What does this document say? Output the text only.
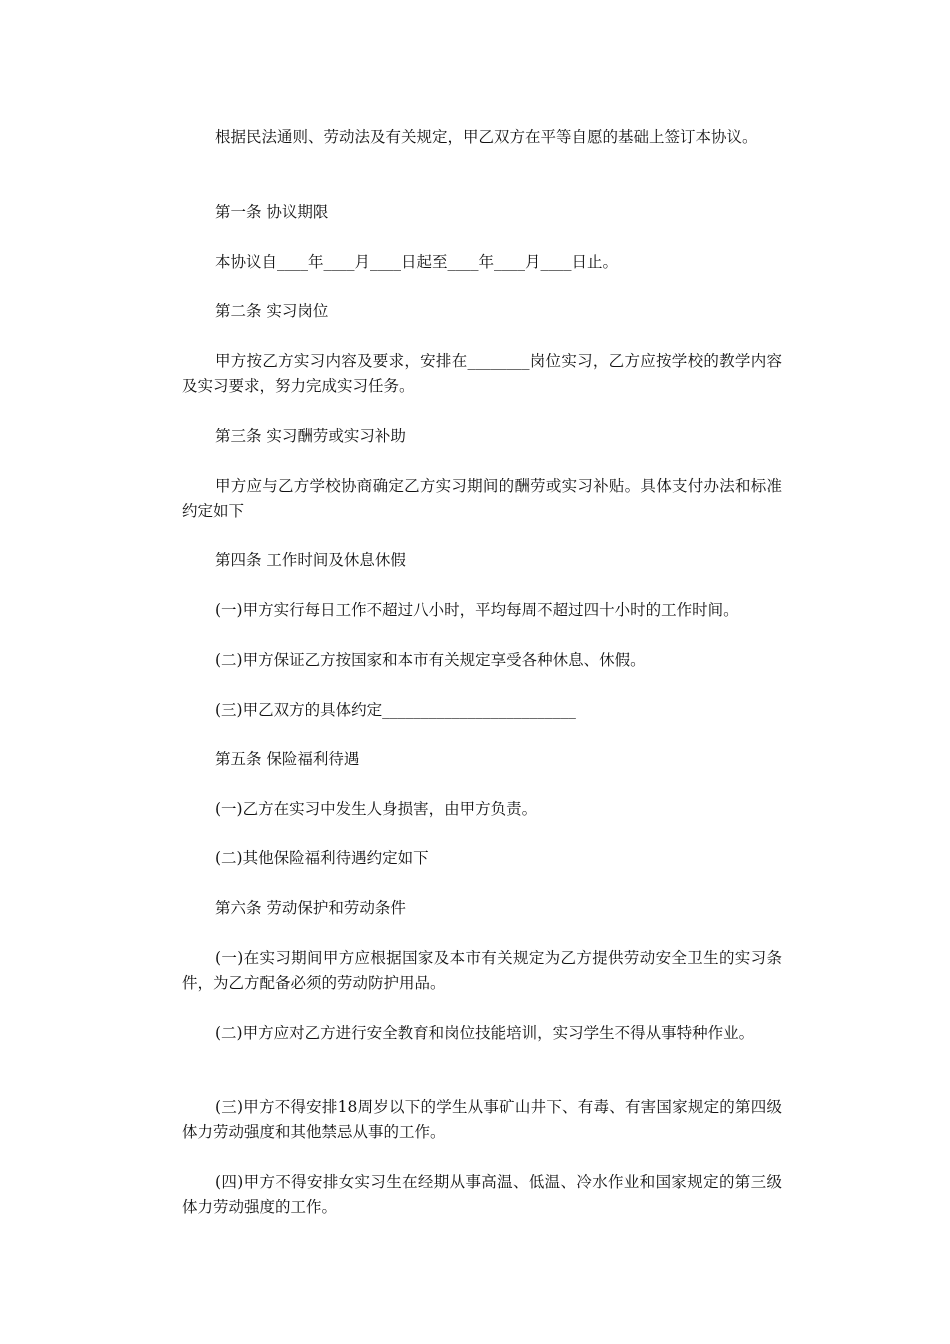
根据民法通则、劳动法及有关规定，甲乙双方在平等自愿的基础上签订本协议。

第一条 协议期限

本协议自____年____月____日起至____年____月____日止。

第二条 实习岗位

甲方按乙方实习内容及要求，安排在________岗位实习，乙方应按学校的教学内容及实习要求，努力完成实习任务。

第三条 实习酬劳或实习补助

甲方应与乙方学校协商确定乙方实习期间的酬劳或实习补贴。具体支付办法和标准约定如下

第四条 工作时间及休息休假

(一)甲方实行每日工作不超过八小时，平均每周不超过四十小时的工作时间。

(二)甲方保证乙方按国家和本市有关规定享受各种休息、休假。

(三)甲乙双方的具体约定_________________________

第五条 保险福利待遇

(一)乙方在实习中发生人身损害，由甲方负责。

(二)其他保险福利待遇约定如下

第六条 劳动保护和劳动条件

(一)在实习期间甲方应根据国家及本市有关规定为乙方提供劳动安全卫生的实习条件，为乙方配备必须的劳动防护用品。

(二)甲方应对乙方进行安全教育和岗位技能培训，实习学生不得从事特种作业。

(三)甲方不得安排18周岁以下的学生从事矿山井下、有毒、有害国家规定的第四级体力劳动强度和其他禁忌从事的工作。

(四)甲方不得安排女实习生在经期从事高温、低温、冷水作业和国家规定的第三级体力劳动强度的工作。
